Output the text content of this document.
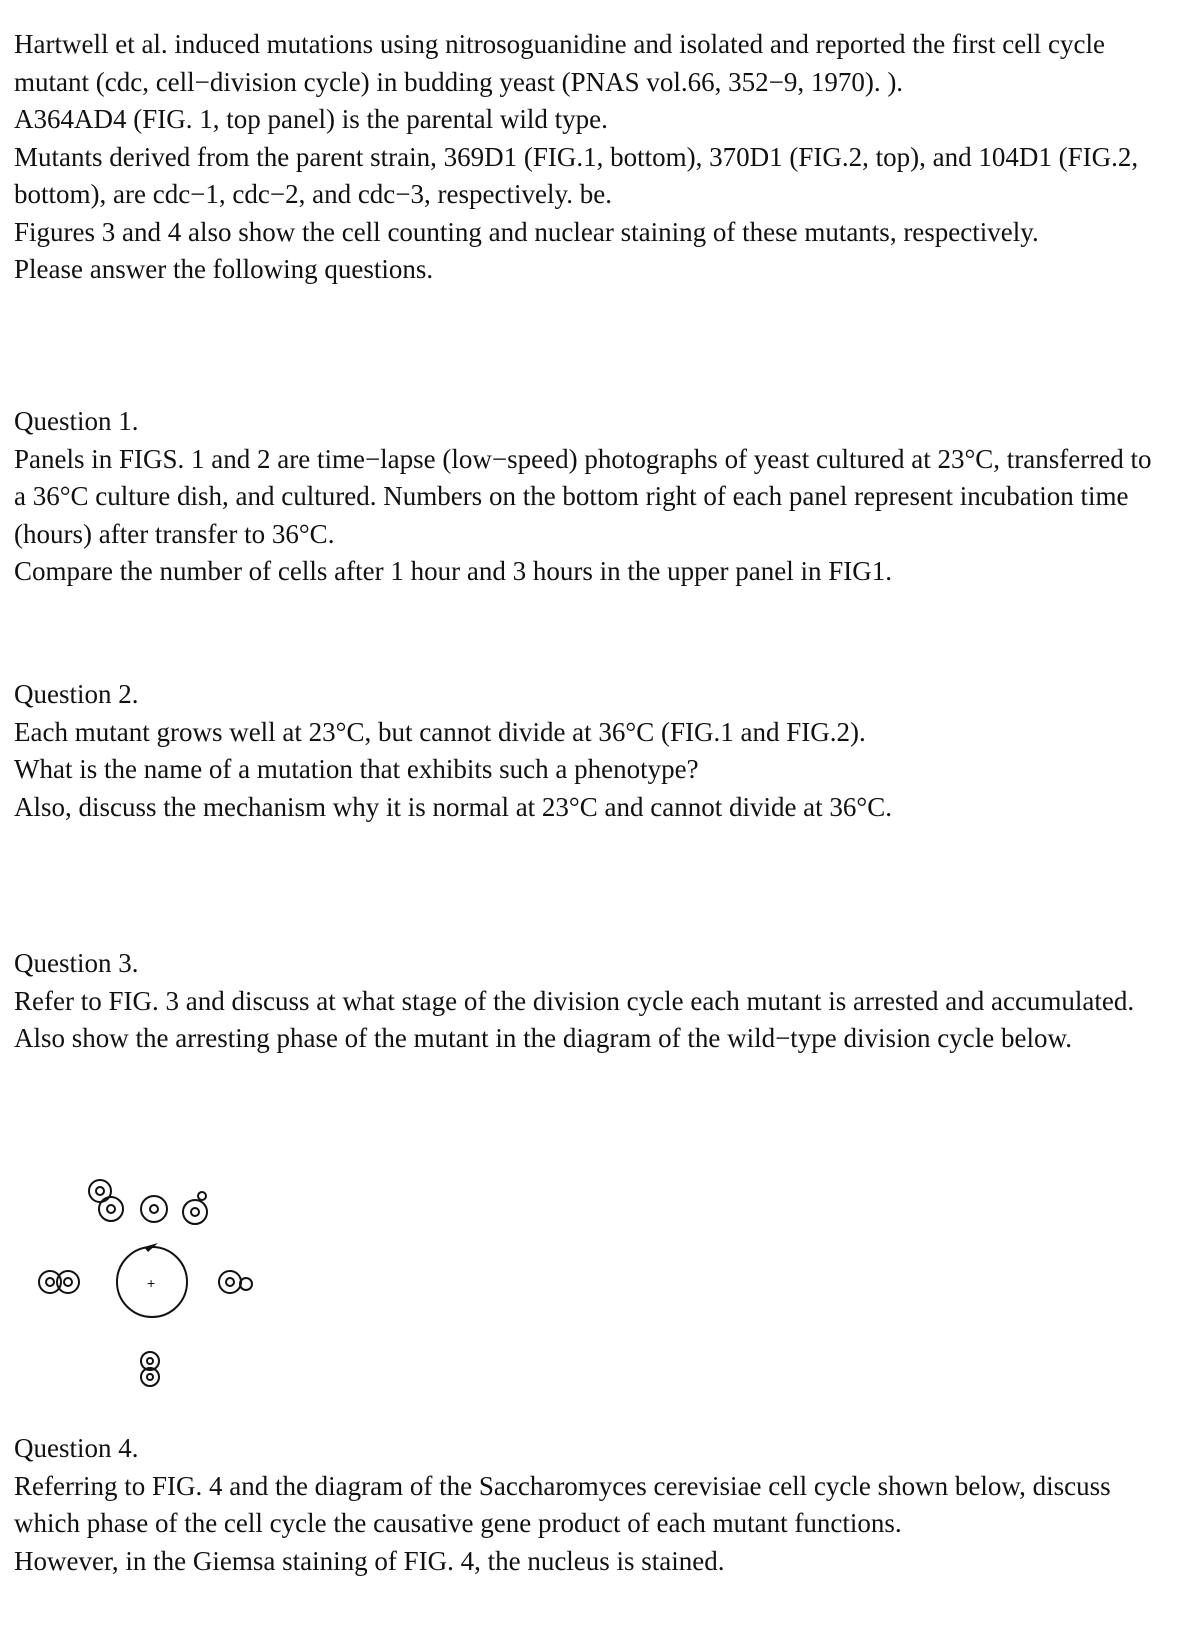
Hartwell et al. induced mutations using nitrosoguanidine and isolated and reported the first cell cycle mutant (cdc, cell−division cycle) in budding yeast (PNAS vol.66, 352−9, 1970). ).

A364AD4 (FIG. 1, top panel) is the parental wild type.

Mutants derived from the parent strain, 369D1 (FIG.1, bottom), 370D1 (FIG.2, top), and 104D1 (FIG.2, bottom), are cdc−1, cdc−2, and cdc−3, respectively. be.

Figures 3 and 4 also show the cell counting and nuclear staining of these mutants, respectively.

Please answer the following questions.

Question 1.

Panels in FIGS. 1 and 2 are time−lapse (low−speed) photographs of yeast cultured at 23°C, transferred to a 36°C culture dish, and cultured. Numbers on the bottom right of each panel represent incubation time (hours) after transfer to 36°C.

Compare the number of cells after 1 hour and 3 hours in the upper panel in FIG1.

Question 2.

Each mutant grows well at 23°C, but cannot divide at 36°C (FIG.1 and FIG.2).

What is the name of a mutation that exhibits such a phenotype?

Also, discuss the mechanism why it is normal at 23°C and cannot divide at 36°C.

Question 3.

Refer to FIG. 3 and discuss at what stage of the division cycle each mutant is arrested and accumulated.

Also show the arresting phase of the mutant in the diagram of the wild−type division cycle below.

+

Question 4.

Referring to FIG. 4 and the diagram of the Saccharomyces cerevisiae cell cycle shown below, discuss which phase of the cell cycle the causative gene product of each mutant functions.

However, in the Giemsa staining of FIG. 4, the nucleus is stained.
